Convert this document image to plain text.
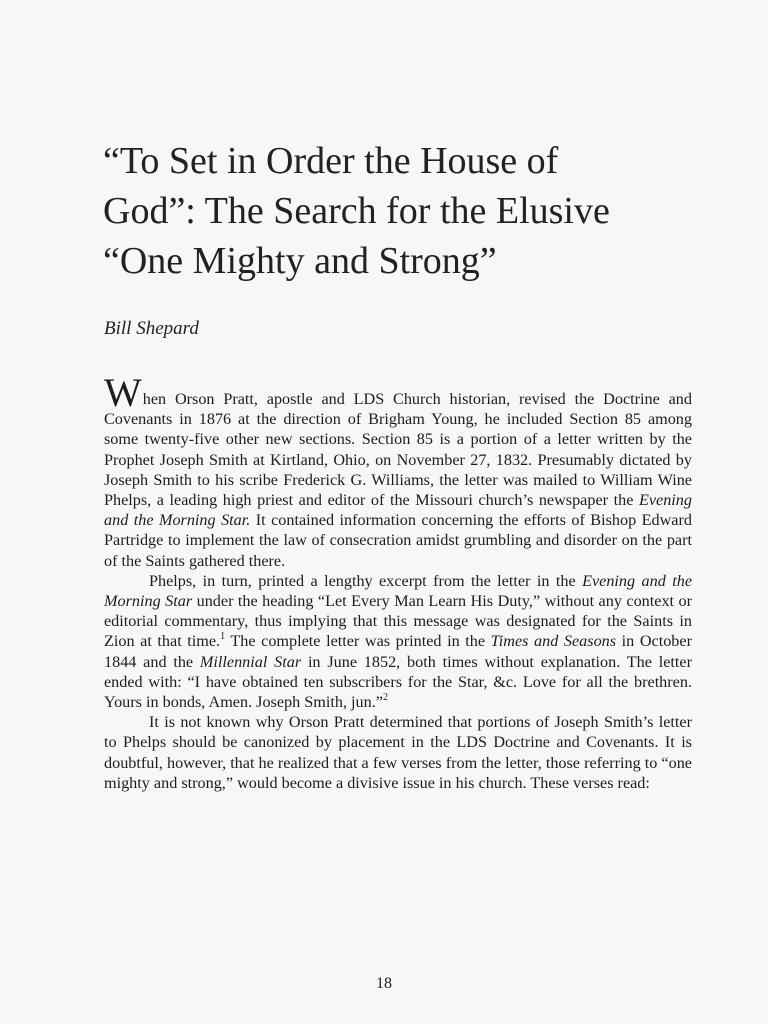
“To Set in Order the House of
God”: The Search for the Elusive
“One Mighty and Strong”

Bill Shepard

When Orson Pratt, apostle and LDS Church historian, revised the Doctrine and Covenants in 1876 at the direction of Brigham Young, he included Section 85 among some twenty-five other new sections. Section 85 is a portion of a letter written by the Prophet Joseph Smith at Kirtland, Ohio, on November 27, 1832. Presumably dictated by Joseph Smith to his scribe Frederick G. Williams, the letter was mailed to William Wine Phelps, a leading high priest and editor of the Missouri church’s newspaper the Evening and the Morning Star. It contained information concerning the efforts of Bishop Edward Partridge to implement the law of consecration amidst grumbling and disorder on the part of the Saints gathered there.

Phelps, in turn, printed a lengthy excerpt from the letter in the Evening and the Morning Star under the heading “Let Every Man Learn His Duty,” without any context or editorial commentary, thus implying that this message was designated for the Saints in Zion at that time.$^1$ The complete letter was printed in the Times and Seasons in October 1844 and the Millennial Star in June 1852, both times without explanation. The letter ended with: “I have obtained ten subscribers for the Star, &c. Love for all the brethren. Yours in bonds, Amen. Joseph Smith, jun.”$^2$

It is not known why Orson Pratt determined that portions of Joseph Smith’s letter to Phelps should be canonized by placement in the LDS Doctrine and Covenants. It is doubtful, however, that he realized that a few verses from the letter, those referring to “one mighty and strong,” would become a divisive issue in his church. These verses read:

18
